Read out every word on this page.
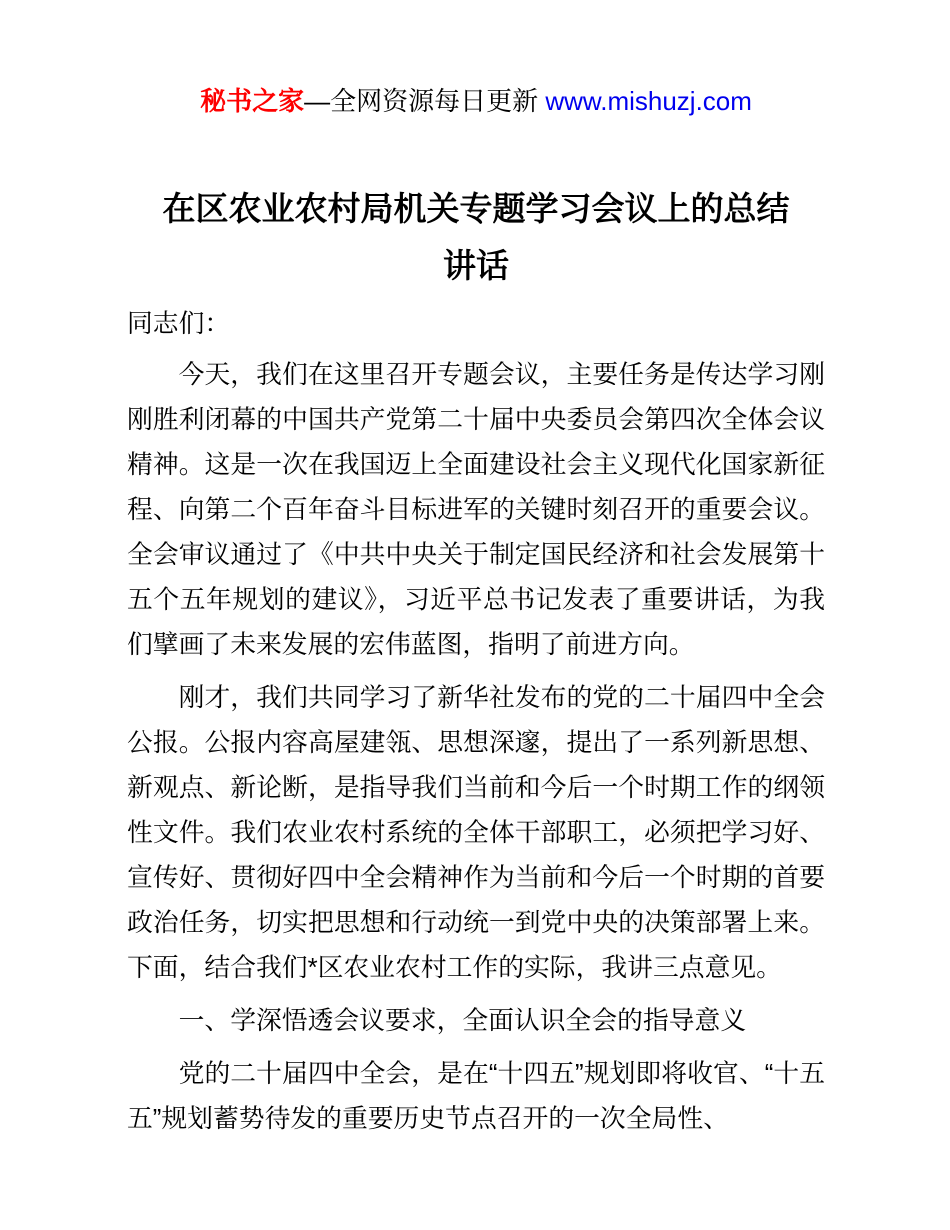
秘书之家—全网资源每日更新 www.mishuzj.com
在区农业农村局机关专题学习会议上的总结讲话

同志们：

今天，我们在这里召开专题会议，主要任务是传达学习刚刚胜利闭幕的中国共产党第二十届中央委员会第四次全体会议精神。这是一次在我国迈上全面建设社会主义现代化国家新征程、向第二个百年奋斗目标进军的关键时刻召开的重要会议。全会审议通过了《中共中央关于制定国民经济和社会发展第十五个五年规划的建议》，习近平总书记发表了重要讲话，为我们擘画了未来发展的宏伟蓝图，指明了前进方向。

刚才，我们共同学习了新华社发布的党的二十届四中全会公报。公报内容高屋建瓴、思想深邃，提出了一系列新思想、新观点、新论断，是指导我们当前和今后一个时期工作的纲领性文件。我们农业农村系统的全体干部职工，必须把学习好、宣传好、贯彻好四中全会精神作为当前和今后一个时期的首要政治任务，切实把思想和行动统一到党中央的决策部署上来。下面，结合我们*区农业农村工作的实际，我讲三点意见。

一、学深悟透会议要求，全面认识全会的指导意义

党的二十届四中全会，是在“十四五”规划即将收官、“十五五”规划蓄势待发的重要历史节点召开的一次全局性、
